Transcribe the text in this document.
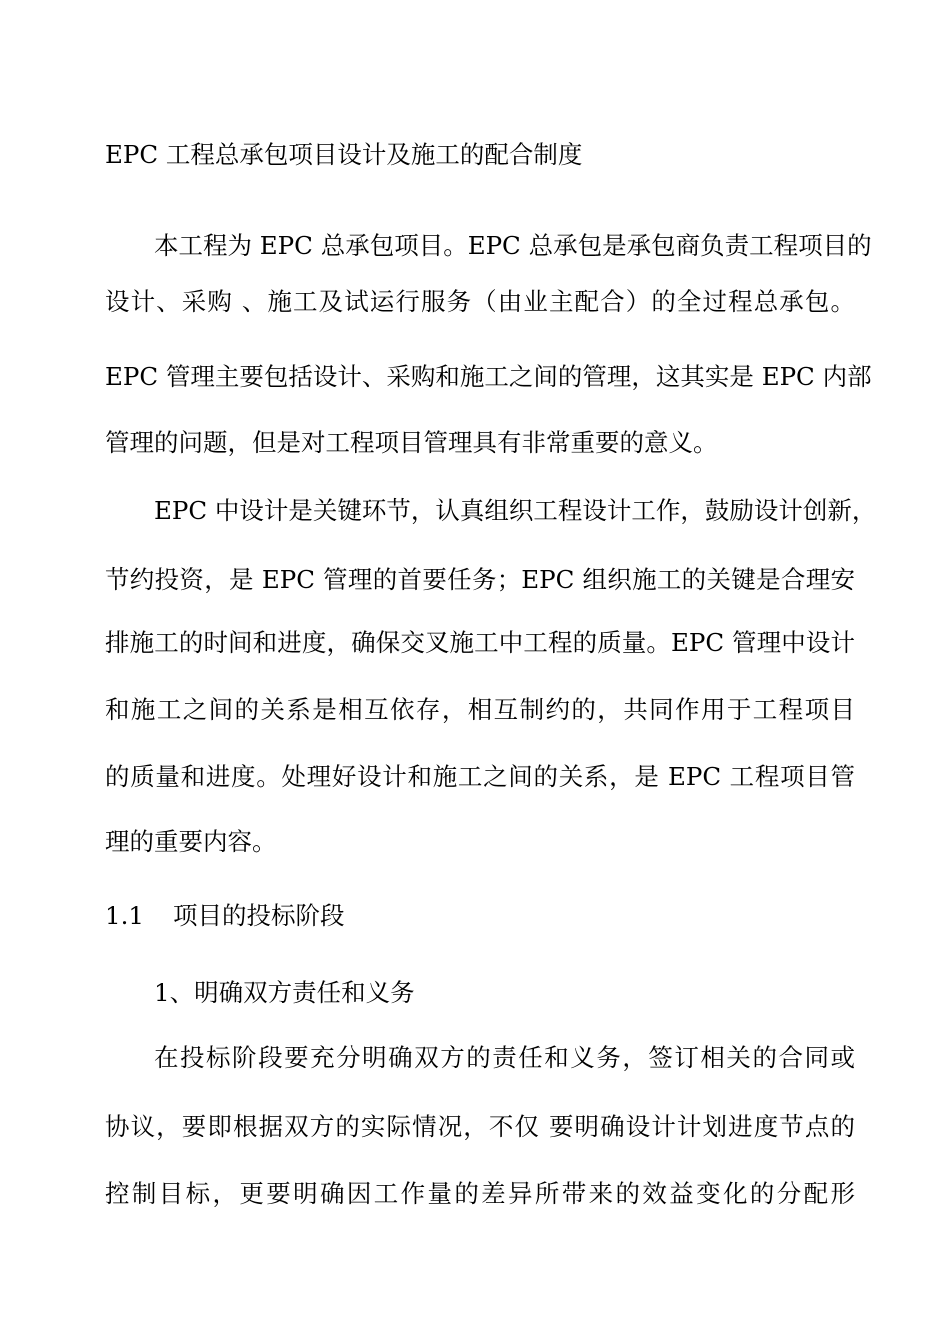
EPC 工程总承包项目设计及施工的配合制度
本工程为 EPC 总承包项目。EPC 总承包是承包商负责工程项目的
设计、采购 、施工及试运行服务（由业主配合）的全过程总承包。
EPC 管理主要包括设计、采购和施工之间的管理，这其实是 EPC 内部
管理的问题，但是对工程项目管理具有非常重要的意义。
EPC 中设计是关键环节，认真组织工程设计工作，鼓励设计创新，
节约投资，是 EPC 管理的首要任务；EPC 组织施工的关键是合理安
排施工的时间和进度，确保交叉施工中工程的质量。EPC 管理中设计
和施工之间的关系是相互依存，相互制约的，共同作用于工程项目
的质量和进度。处理好设计和施工之间的关系，是 EPC 工程项目管
理的重要内容。
1.1 项目的投标阶段
1、明确双方责任和义务
在投标阶段要充分明确双方的责任和义务，签订相关的合同或
协议，要即根据双方的实际情况，不仅 要明确设计计划进度节点的
控制目标，更要明确因工作量的差异所带来的效益变化的分配形
